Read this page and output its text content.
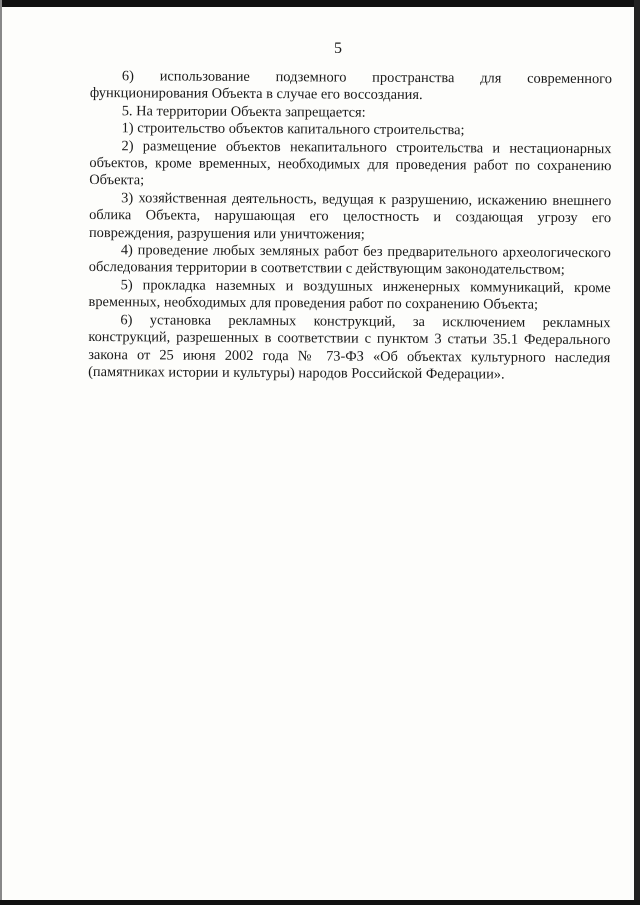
5

6) использование подземного пространства для современного функционирования Объекта в случае его воссоздания.

5. На территории Объекта запрещается:

1) строительство объектов капитального строительства;

2) размещение объектов некапитального строительства и нестационарных объектов, кроме временных, необходимых для проведения работ по сохранению Объекта;

3) хозяйственная деятельность, ведущая к разрушению, искажению внешнего облика Объекта, нарушающая его целостность и создающая угрозу его повреждения, разрушения или уничтожения;

4) проведение любых земляных работ без предварительного археологического обследования территории в соответствии с действующим законодательством;

5) прокладка наземных и воздушных инженерных коммуникаций, кроме временных, необходимых для проведения работ по сохранению Объекта;

6) установка рекламных конструкций, за исключением рекламных конструкций, разрешенных в соответствии с пунктом 3 статьи 35.1 Федерального закона от 25 июня 2002 года № 73-ФЗ «Об объектах культурного наследия (памятниках истории и культуры) народов Российской Федерации».
